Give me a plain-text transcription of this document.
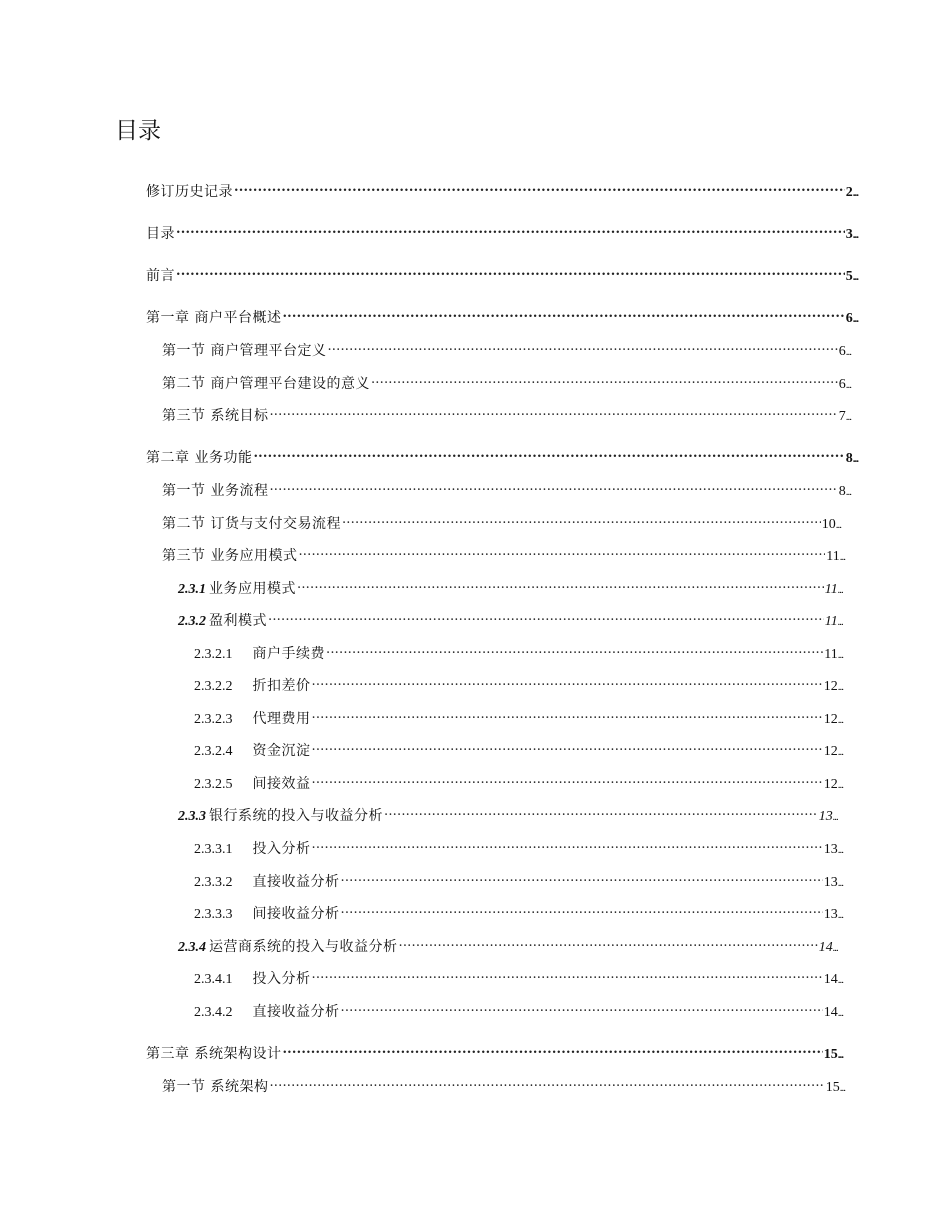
目录
修订历史记录 .....	2 ...
目录 .....	3 ...
前言 .....	5 ...
第一章 商户平台概述 .....	6 ...
第一节 商户管理平台定义 .....	6 ...
第二节 商户管理平台建设的意义 .....	6 ...
第三节 系统目标 .....	7 ...
第二章 业务功能 .....	8 ...
第一节 业务流程 .....	8 ...
第二节 订货与支付交易流程 .....	10 ...
第三节 业务应用模式 .....	11 ...
2.3.1 业务应用模式 .....	11 ...
2.3.2 盈利模式 .....	11 ...
2.3.2.1 商户手续费 .....	11 ...
2.3.2.2 折扣差价 .....	12 ...
2.3.2.3 代理费用 .....	12 ...
2.3.2.4 资金沉淀 .....	12 ...
2.3.2.5 间接效益 .....	12 ...
2.3.3 银行系统的投入与收益分析 .....	13 ...
2.3.3.1 投入分析 .....	13 ...
2.3.3.2 直接收益分析 .....	13 ...
2.3.3.3 间接收益分析 .....	13 ...
2.3.4 运营商系统的投入与收益分析 .....	14 ...
2.3.4.1 投入分析 .....	14 ...
2.3.4.2 直接收益分析 .....	14 ...
第三章 系统架构设计 .....	15 ...
第一节 系统架构 .....	15 ...
